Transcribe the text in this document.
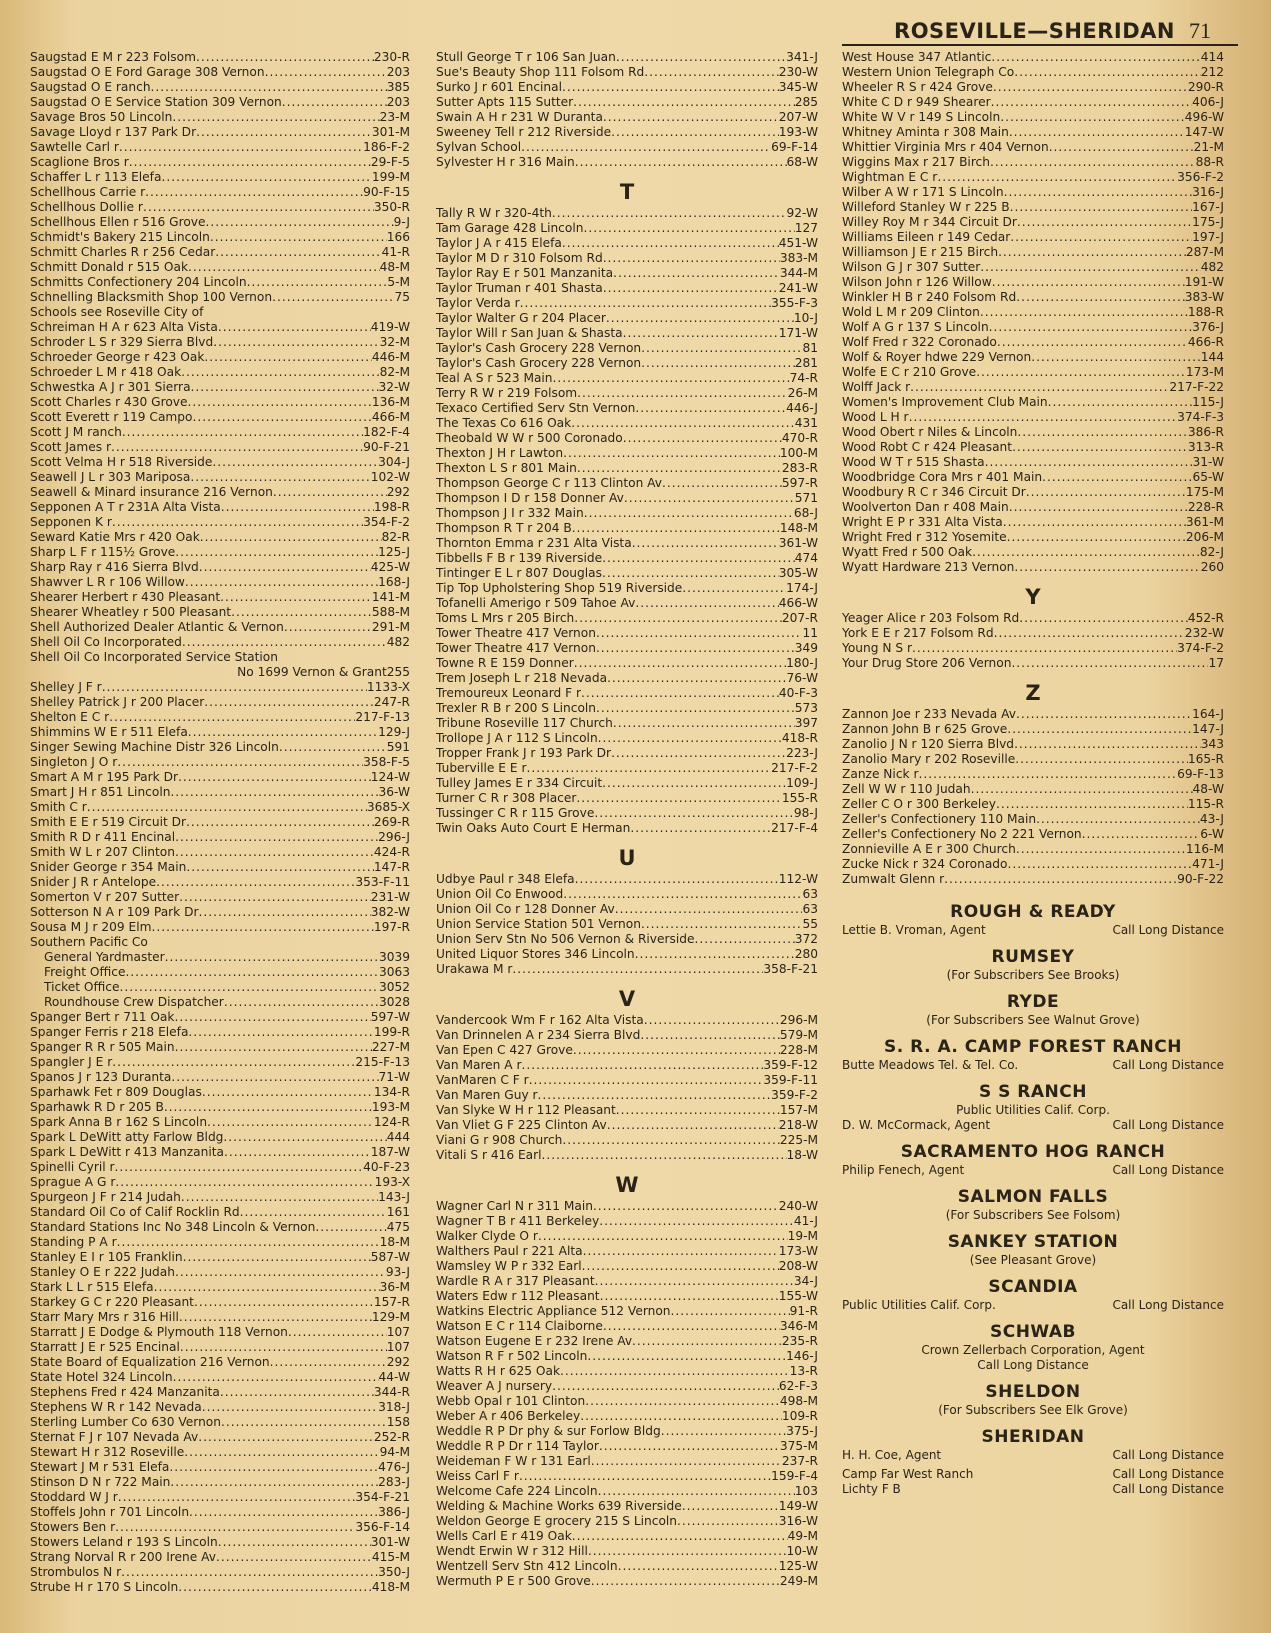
ROSEVILLE—SHERIDAN 71
Saugstad E M r 223 Folsom .....	230-R
Saugstad O E Ford Garage 308 Vernon .....	203
Saugstad O E ranch .....	385
Saugstad O E Service Station 309 Vernon .....	203
Savage Bros 50 Lincoln .....	23-M
Savage Lloyd r 137 Park Dr .....	301-M
Sawtelle Carl r .....	186-F-2
Scaglione Bros r .....	29-F-5
Schaffer L r 113 Elefa .....	199-M
Schellhous Carrie r .....	90-F-15
Schellhous Dollie r .....	350-R
Schellhous Ellen r 516 Grove .....	9-J
Schmidt's Bakery 215 Lincoln .....	166
Schmitt Charles R r 256 Cedar .....	41-R
Schmitt Donald r 515 Oak .....	48-M
Schmitts Confectionery 204 Lincoln .....	5-M
Schnelling Blacksmith Shop 100 Vernon .....	75
Schools see Roseville City of
Schreiman H A r 623 Alta Vista .....	419-W
Schroder L S r 329 Sierra Blvd .....	32-M
Schroeder George r 423 Oak .....	446-M
Schroeder L M r 418 Oak .....	82-M
Schwestka A J r 301 Sierra .....	32-W
Scott Charles r 430 Grove .....	136-M
Scott Everett r 119 Campo .....	466-M
Scott J M ranch .....	182-F-4
Scott James r .....	90-F-21
Scott Velma H r 518 Riverside .....	304-J
Seawell J L r 303 Mariposa .....	102-W
Seawell & Minard insurance 216 Vernon .....	292
Sepponen A T r 231A Alta Vista .....	198-R
Sepponen K r .....	354-F-2
Seward Katie Mrs r 420 Oak .....	82-R
Sharp L F r 115½ Grove .....	125-J
Sharp Ray r 416 Sierra Blvd .....	425-W
Shawver L R r 106 Willow .....	168-J
Shearer Herbert r 430 Pleasant .....	141-M
Shearer Wheatley r 500 Pleasant .....	588-M
Shell Authorized Dealer Atlantic & Vernon .....	291-M
Shell Oil Co Incorporated .....	482
Shell Oil Co Incorporated Service Station
No 1699 Vernon & Grant 255
Shelley J F r .....	1133-X
Shelley Patrick J r 200 Placer .....	247-R
Shelton E C r .....	217-F-13
Shimmins W E r 511 Elefa .....	129-J
Singer Sewing Machine Distr 326 Lincoln .....	591
Singleton J O r .....	358-F-5
Smart A M r 195 Park Dr .....	124-W
Smart J H r 851 Lincoln .....	36-W
Smith C r .....	3685-X
Smith E E r 519 Circuit Dr .....	269-R
Smith R D r 411 Encinal .....	296-J
Smith W L r 207 Clinton .....	424-R
Snider George r 354 Main .....	147-R
Snider J R r Antelope .....	353-F-11
Somerton V r 207 Sutter .....	231-W
Sotterson N A r 109 Park Dr .....	382-W
Sousa M J r 209 Elm .....	197-R
Southern Pacific Co
General Yardmaster .....	3039
Freight Office .....	3063
Ticket Office .....	3052
Roundhouse Crew Dispatcher .....	3028
Spanger Bert r 711 Oak .....	597-W
Spanger Ferris r 218 Elefa .....	199-R
Spanger R R r 505 Main .....	227-M
Spangler J E r .....	215-F-13
Spanos J r 123 Duranta .....	71-W
Sparhawk Fet r 809 Douglas .....	134-R
Sparhawk R D r 205 B .....	193-M
Spark Anna B r 162 S Lincoln .....	124-R
Spark L DeWitt atty Farlow Bldg .....	444
Spark L DeWitt r 413 Manzanita .....	187-W
Spinelli Cyril r .....	40-F-23
Sprague A G r .....	193-X
Spurgeon J F r 214 Judah .....	143-J
Standard Oil Co of Calif Rocklin Rd .....	161
Standard Stations Inc No 348 Lincoln & Vernon .....	475
Standing P A r .....	18-M
Stanley E I r 105 Franklin .....	587-W
Stanley O E r 222 Judah .....	93-J
Stark L L r 515 Elefa .....	36-M
Starkey G C r 220 Pleasant .....	157-R
Starr Mary Mrs r 316 Hill .....	129-M
Starratt J E Dodge & Plymouth 118 Vernon .....	107
Starratt J E r 525 Encinal .....	107
State Board of Equalization 216 Vernon .....	292
State Hotel 324 Lincoln .....	44-W
Stephens Fred r 424 Manzanita .....	344-R
Stephens W R r 142 Nevada .....	318-J
Sterling Lumber Co 630 Vernon .....	158
Sternat F J r 107 Nevada Av .....	252-R
Stewart H r 312 Roseville .....	94-M
Stewart J M r 531 Elefa .....	476-J
Stinson D N r 722 Main .....	283-J
Stoddard W J r .....	354-F-21
Stoffels John r 701 Lincoln .....	386-J
Stowers Ben r .....	356-F-14
Stowers Leland r 193 S Lincoln .....	301-W
Strang Norval R r 200 Irene Av .....	415-M
Strombulos N r .....	350-J
Strube H r 170 S Lincoln .....	418-M
Stull George T r 106 San Juan .....	341-J
Sue's Beauty Shop 111 Folsom Rd .....	230-W
Surko J r 601 Encinal .....	345-W
Sutter Apts 115 Sutter .....	285
Swain A H r 231 W Duranta .....	207-W
Sweeney Tell r 212 Riverside .....	193-W
Sylvan School .....	69-F-14
Sylvester H r 316 Main .....	68-W
T
Tally R W r 320-4th .....	92-W
Tam Garage 428 Lincoln .....	127
Taylor J A r 415 Elefa .....	451-W
Taylor M D r 310 Folsom Rd .....	383-M
Taylor Ray E r 501 Manzanita .....	344-M
Taylor Truman r 401 Shasta .....	241-W
Taylor Verda r .....	355-F-3
Taylor Walter G r 204 Placer .....	10-J
Taylor Will r San Juan & Shasta .....	171-W
Taylor's Cash Grocery 228 Vernon .....	81
Taylor's Cash Grocery 228 Vernon .....	281
Teal A S r 523 Main .....	74-R
Terry R W r 219 Folsom .....	26-M
Texaco Certified Serv Stn Vernon .....	446-J
The Texas Co 616 Oak .....	431
Theobald W W r 500 Coronado .....	470-R
Thexton J H r Lawton .....	100-M
Thexton L S r 801 Main .....	283-R
Thompson George C r 113 Clinton Av .....	597-R
Thompson I D r 158 Donner Av .....	571
Thompson J I r 332 Main .....	68-J
Thompson R T r 204 B .....	148-M
Thornton Emma r 231 Alta Vista .....	361-W
Tibbells F B r 139 Riverside .....	474
Tintinger E L r 807 Douglas .....	305-W
Tip Top Upholstering Shop 519 Riverside .....	174-J
Tofanelli Amerigo r 509 Tahoe Av .....	466-W
Toms L Mrs r 205 Birch .....	207-R
Tower Theatre 417 Vernon .....	11
Tower Theatre 417 Vernon .....	349
Towne R E 159 Donner .....	180-J
Trem Joseph L r 218 Nevada .....	76-W
Tremoureux Leonard F r .....	40-F-3
Trexler R B r 200 S Lincoln .....	573
Tribune Roseville 117 Church .....	397
Trollope J A r 112 S Lincoln .....	418-R
Tropper Frank J r 193 Park Dr .....	223-J
Tuberville E E r .....	217-F-2
Tulley James E r 334 Circuit .....	109-J
Turner C R r 308 Placer .....	155-R
Tussinger C R r 115 Grove .....	98-J
Twin Oaks Auto Court E Herman .....	217-F-4
U
Udbye Paul r 348 Elefa .....	112-W
Union Oil Co Enwood .....	63
Union Oil Co r 128 Donner Av .....	63
Union Service Station 501 Vernon .....	55
Union Serv Stn No 506 Vernon & Riverside .....	372
United Liquor Stores 346 Lincoln .....	280
Urakawa M r .....	358-F-21
V
Vandercook Wm F r 162 Alta Vista .....	296-M
Van Drinnelen A r 234 Sierra Blvd .....	579-M
Van Epen C 427 Grove .....	228-M
Van Maren A r .....	359-F-12
VanMaren C F r .....	359-F-11
Van Maren Guy r .....	359-F-2
Van Slyke W H r 112 Pleasant .....	157-M
Van Vliet G F 225 Clinton Av .....	218-W
Viani G r 908 Church .....	225-M
Vitali S r 416 Earl .....	18-W
W
Wagner Carl N r 311 Main .....	240-W
Wagner T B r 411 Berkeley .....	41-J
Walker Clyde O r .....	19-M
Walthers Paul r 221 Alta .....	173-W
Wamsley W P r 332 Earl .....	208-W
Wardle R A r 317 Pleasant .....	34-J
Waters Edw r 112 Pleasant .....	155-W
Watkins Electric Appliance 512 Vernon .....	91-R
Watson E C r 114 Claiborne .....	346-M
Watson Eugene E r 232 Irene Av .....	235-R
Watson R F r 502 Lincoln .....	146-J
Watts R H r 625 Oak .....	13-R
Weaver A J nursery .....	62-F-3
Webb Opal r 101 Clinton .....	498-M
Weber A r 406 Berkeley .....	109-R
Weddle R P Dr phy & sur Forlow Bldg .....	375-J
Weddle R P Dr r 114 Taylor .....	375-M
Weideman F W r 131 Earl .....	237-R
Weiss Carl F r .....	159-F-4
Welcome Cafe 224 Lincoln .....	103
Welding & Machine Works 639 Riverside .....	149-W
Weldon George E grocery 215 S Lincoln .....	316-W
Wells Carl E r 419 Oak .....	49-M
Wendt Erwin W r 312 Hill .....	10-W
Wentzell Serv Stn 412 Lincoln .....	125-W
Wermuth P E r 500 Grove .....	249-M
West House 347 Atlantic .....	414
Western Union Telegraph Co .....	212
Wheeler R S r 424 Grove .....	290-R
White C D r 949 Shearer .....	406-J
White W V r 149 S Lincoln .....	496-W
Whitney Aminta r 308 Main .....	147-W
Whittier Virginia Mrs r 404 Vernon .....	21-M
Wiggins Max r 217 Birch .....	88-R
Wightman E C r .....	356-F-2
Wilber A W r 171 S Lincoln .....	316-J
Willeford Stanley W r 225 B .....	167-J
Willey Roy M r 344 Circuit Dr .....	175-J
Williams Eileen r 149 Cedar .....	197-J
Williamson J E r 215 Birch .....	287-M
Wilson G J r 307 Sutter .....	482
Wilson John r 126 Willow .....	191-W
Winkler H B r 240 Folsom Rd .....	383-W
Wold L M r 209 Clinton .....	188-R
Wolf A G r 137 S Lincoln .....	376-J
Wolf Fred r 322 Coronado .....	466-R
Wolf & Royer hdwe 229 Vernon .....	144
Wolfe E C r 210 Grove .....	173-M
Wolff Jack r .....	217-F-22
Women's Improvement Club Main .....	115-J
Wood L H r .....	374-F-3
Wood Obert r Niles & Lincoln .....	386-R
Wood Robt C r 424 Pleasant .....	313-R
Wood W T r 515 Shasta .....	31-W
Woodbridge Cora Mrs r 401 Main .....	65-W
Woodbury R C r 346 Circuit Dr .....	175-M
Woolverton Dan r 408 Main .....	228-R
Wright E P r 331 Alta Vista .....	361-M
Wright Fred r 312 Yosemite .....	206-M
Wyatt Fred r 500 Oak .....	82-J
Wyatt Hardware 213 Vernon .....	260
Y
Yeager Alice r 203 Folsom Rd .....	452-R
York E E r 217 Folsom Rd .....	232-W
Young N S r .....	374-F-2
Your Drug Store 206 Vernon .....	17
Z
Zannon Joe r 233 Nevada Av .....	164-J
Zannon John B r 625 Grove .....	147-J
Zanolio J N r 120 Sierra Blvd .....	343
Zanolio Mary r 202 Roseville .....	165-R
Zanze Nick r .....	69-F-13
Zell W W r 110 Judah .....	48-W
Zeller C O r 300 Berkeley .....	115-R
Zeller's Confectionery 110 Main .....	43-J
Zeller's Confectionery No 2 221 Vernon .....	6-W
Zonnieville A E r 300 Church .....	116-M
Zucke Nick r 324 Coronado .....	471-J
Zumwalt Glenn r .....	90-F-22
ROUGH & READY
Lettie B. Vroman, Agent	Call Long Distance
RUMSEY
(For Subscribers See Brooks)
RYDE
(For Subscribers See Walnut Grove)
S. R. A. CAMP FOREST RANCH
Butte Meadows Tel. & Tel. Co.	Call Long Distance
S S RANCH
Public Utilities Calif. Corp.
D. W. McCormack, Agent	Call Long Distance
SACRAMENTO HOG RANCH
Philip Fenech, Agent	Call Long Distance
SALMON FALLS
(For Subscribers See Folsom)
SANKEY STATION
(See Pleasant Grove)
SCANDIA
Public Utilities Calif. Corp.	Call Long Distance
SCHWAB
Crown Zellerbach Corporation, Agent
Call Long Distance
SHELDON
(For Subscribers See Elk Grove)
SHERIDAN
H. H. Coe, Agent	Call Long Distance
Camp Far West Ranch	Call Long Distance
Lichty F B	Call Long Distance
